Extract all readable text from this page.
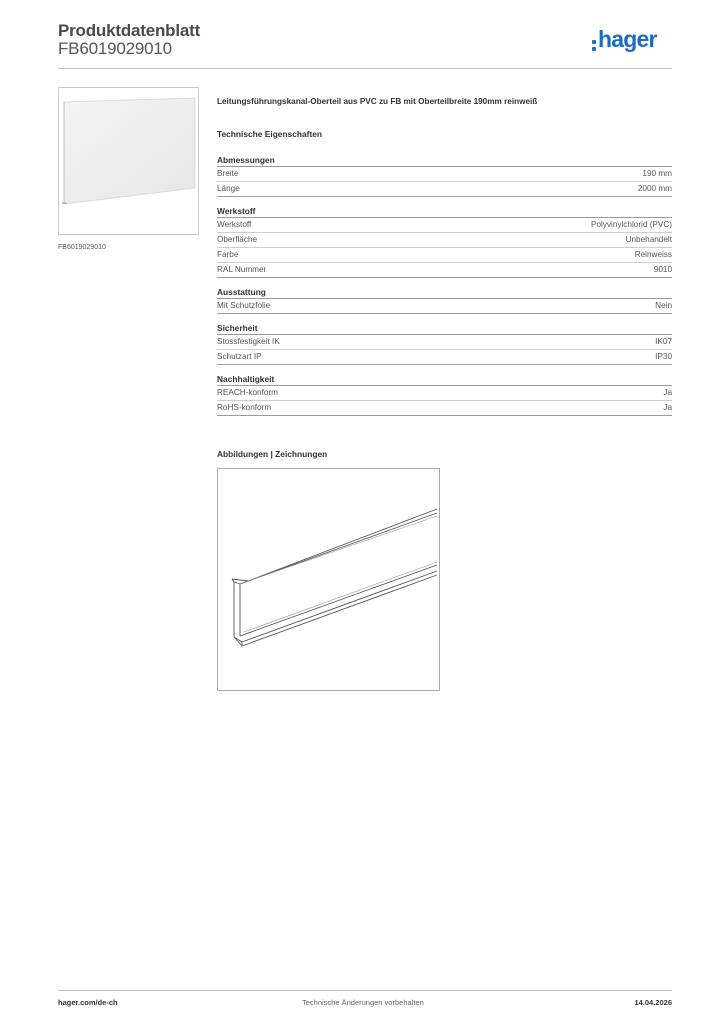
Produktdatenblatt
FB6019029010	hager
FB6019029010
Leitungsführungskanal-Oberteil aus PVC zu FB mit Oberteilbreite 190mm reinweiß
Technische Eigenschaften
Abmessungen
Breite	190 mm
Länge	2000 mm
Werkstoff
Werkstoff	Polyvinylchlorid (PVC)
Oberfläche	Unbehandelt
Farbe	Reinweiss
RAL Nummer	9010
Ausstattung
Mit Schutzfolie	Nein
Sicherheit
Stossfestigkeit IK	IK07
Schutzart IP	IP30
Nachhaltigkeit
REACH-konform	Ja
RoHS-konform	Ja
Abbildungen | Zeichnungen
hager.com/de-ch	Technische Änderungen vorbehalten	14.04.2026
